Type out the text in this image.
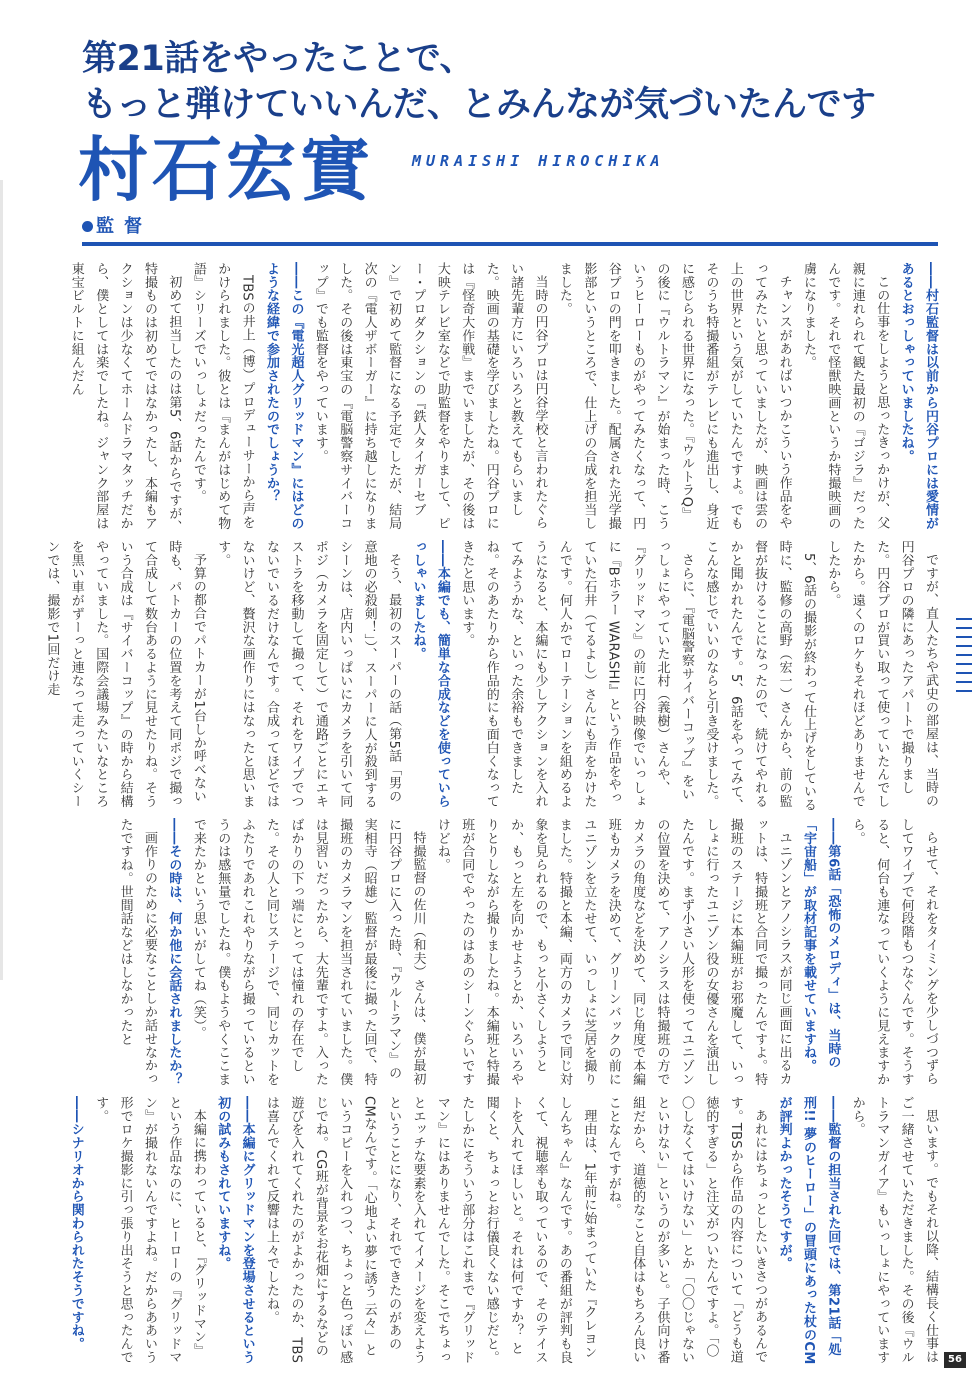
第21話をやったことで、
もっと弾けていいんだ、とみんなが気づいたんです
村石宏實	MURAISHI HIROCHIKA
監督

――村石監督は以前から円谷プロには愛情があるとおっしゃっていましたね。

この仕事をしようと思ったきっかけが、父親に連れられて観た最初の『ゴジラ』だったんです。それで怪獣映画というか特撮映画の虜になりました。

チャンスがあればいつかこういう作品をやってみたいと思っていましたが、映画は雲の上の世界という気がしていたんですよ。でもそのうち特撮番組がテレビにも進出し、身近に感じられる世界になった。『ウルトラQ』の後に『ウルトラマン』が始まった時、こういうヒーローものがやってみたくなって、円谷プロの門を叩きました。配属された光学撮影部というところで、仕上げの合成を担当しました。

当時の円谷プロは円谷学校と言われたぐらい諸先輩方にいろいろと教えてもらいました。映画の基礎を学びましたね。円谷プロには『怪奇大作戦』までいましたが、その後は大映テレビ室などで助監督をやりまして、ピー・プロダクションの『鉄人タイガーセブン』で初めて監督になる予定でしたが、結局次の『電人ザボーガー』に持ち越しになりました。その後は東宝の『電脳警察サイバーコップ』でも監督をやっています。

――この『電光超人グリッドマン』にはどのような経緯で参加されたのでしょうか？

TBSの井上（博）プロデューサーから声をかけられました。彼とは『まんがはじめて物語』シリーズでいっしょだったんです。

初めて担当したのは第5、6話からですが、特撮ものは初めてではなかったし、本編もアクションは少なくてホームドラマタッチだから、僕としては楽でしたね。ジャンク部屋は東宝ビルトに組んだん

ですが、直人たちや武史の部屋は、当時の円谷プロの隣にあったアパートで撮りました。円谷プロが買い取って使っていたんでしたから。遠くのロケもそれほどありませんでしたから。

5、6話の撮影が終わって仕上げをしている時に、監修の高野（宏一）さんから、前の監督が抜けることになったので、続けてやれるかと聞かれたんです。5、6話をやってみて、こんな感じでいいのならと引き受けました。

さらに、『電脳警察サイバーコップ』をいっしょにやっていた北村（義樹）さんや、『グリッドマン』の前に円谷映像でいっしょに『Bホラー WARASHI』という作品をやっていた石井（てるよし）さんにも声をかけたんです。何人かでローテーションを組めるようになると、本編にも少しアクションを入れてみようかな、といった余裕もできましたね。そのあたりから作品的にも面白くなってきたと思います。

――本編でも、簡単な合成などを使っていらっしゃいましたね。

そう、最初のスーパーの話（第5話「男の意地の必殺剣！」）、スーパーに人が殺到するシーンは、店内いっぱいにカメラを引いて同ポジ（カメラを固定して）で通路ごとにエキストラを移動して撮って、それをワイプでつないでいるだけなんです。合成ってほどではないけど、贅沢な画作りにはなったと思います。

予算の都合でパトカーが1台しか呼べない時も、パトカーの位置を考えて同ポジで撮って合成して数台あるように見せたりね。そういう合成は『サイバーコップ』の時から結構やっていました。国際会議場みたいなところを黒い車がずーっと連なって走っていくシーンでは、撮影で1回だけ走

らせて、それをタイミングを少しづつずらしてワイプで何段階もつなぐんです。そうすると、何台も連なっていくように見えますから。

――第6話「恐怖のメロディ」は、当時の「宇宙船」が取材記事を載せていますね。

ユニゾンとアノシラスが同じ画面に出るカットは、特撮班と合同で撮ったんですよ。特撮班のステージに本編班がお邪魔して、いっしょに行ったユニゾン役の女優さんを演出したんです。まず小さい人形を使ってユニゾンの位置を決めて、アノシラスは特撮班の方でカメラの角度などを決めて、同じ角度で本編班もカメラを決めて、グリーンバックの前にユニゾンを立たせて、いっしょに芝居を撮りました。特撮と本編、両方のカメラで同じ対象を見られるので、もっと小さくしようとか、もっと左を向かせようとか、いろいろやりとりしながら撮りましたね。本編班と特撮班が合同でやったのはあのシーンぐらいですけどね。

特撮監督の佐川（和夫）さんは、僕が最初に円谷プロに入った時、『ウルトラマン』の実相寺（昭雄）監督が最後に撮った回で、特撮班のカメラマンを担当されていました。僕は見習いだったから、大先輩ですよ。入ったばかりの下っ端にとっては憧れの存在でした。その人と同じステージで、同じカットをふたりであれこれやりながら撮っているというのは感無量でしたね。僕もようやくここまで来たかという思いがしてね（笑）。

――その時は、何か他に会話されましたか？

画作りのために必要なことしか話せなかったですね。世間話などはしなかったと

思います。でもそれ以降、結構長く仕事はご一緒させていただきました。その後『ウルトラマンガイア』もいっしょにやっていますから。

――監督の担当された回では、第21話「処刑!! 夢のヒーロー」の冒頭にあった杖のCMが評判よかったそうですが。

あれにはちょっとしたいきさつがあるんです。TBSから作品の内容について「どうも道徳的すぎる」と注文がついたんですよ。「〇〇しなくてはいけない」とか「〇〇じゃないといけない」というのが多いと。子供向け番組だから、道徳的なこと自体はもちろん良いことなんですがね。

理由は、1年前に始まっていた『クレヨンしんちゃん』なんです。あの番組が評判も良くて、視聴率も取っているので、そのテイストを入れてほしいと。それは何ですか？ と聞くと、ちょっとお行儀良くない感じだと。たしかにそういう部分はこれまで『グリッドマン』にはありませんでした。そこでちょっとエッチな要素を入れてイメージを変えようということになり、それでできたのがあのCMなんです。「心地よい夢に誘う 云々」というコピーを入れつつ、ちょっと色っぽい感じでね。CG班が背景をお花畑にするなどの遊びを入れてくれたのがよかったのか、TBSは喜んでくれて反響は上々でしたね。

――本編にグリッドマンを登場させるという初の試みもされていますね。

本編に携わっていると、『グリッドマン』という作品なのに、ヒーローの『グリッドマン』が撮れないんですよね。だからああいう形でロケ撮影に引っ張り出そうと思ったんです。

――シナリオから関わられたそうですね。

56
